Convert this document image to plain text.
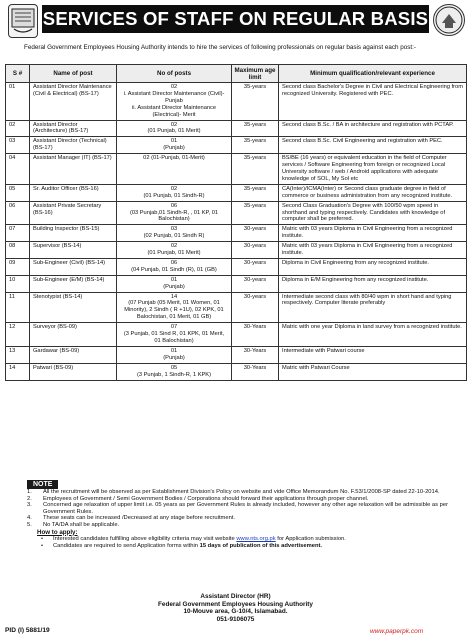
SERVICES OF STAFF ON REGULAR BASIS
Federal Government Employees Housing Authority intends to hire the services of following professionals on regular basis against each post:-
S #	Name of post	No of posts	Maximum age limit	Minimum qualification/relevant experience
01	Assistant Director Maintenance (Civil & Electrical) (BS-17)	02
i. Assistant Director Maintenance (Civil)- Punjab
ii. Assistant Director Maintenance (Electrical)- Merit	35-years	Second class Bachelor's Degree in Civil and Electrical Engineering from recognized University. Registered with PEC.
02	Assistant Director (Architecture) (BS-17)	02
(01 Punjab, 01 Merit)	35-years	Second class B.Sc. / BA in architecture and registration with PCTAP.
03	Assistant Director (Technical) (BS-17)	01
(Punjab)	35-years	Second class B.Sc. Civil Engineering and registration with PEC.
04	Assistant Manager (IT) (BS-17)	02 (01-Punjab, 01-Merit)	35-years	BS/BE (16 years) or equivalent education in the field of Computer services / Software Engineering from foreign or recognized Local University software / web / Android applications with adequate knowledge of SOL, My Sol etc
05	Sr. Auditor Officer (BS-16)	02
(01 Punjab, 01 Sindh-R)	35-years	CA(Inter)/ICMA(Inter) or Second class graduate degree in field of commerce or business administration from any recognized institute.
06	Assistant Private Secretary (BS-16)	06
(03 Punjab,01 Sindh-R, , 01 KP, 01 Balochistan)	35-years	Second Class Graduation's Degree with 100/50 wpm speed in shorthand and typing respectively. Candidates with knowledge of computer shall be preferred.
07	Building Inspector (BS-15)	03
(02 Punjab, 01 Sindh R)	30-years	Matric with 03 years Diploma in Civil Engineering from a recognized institute.
08	Supervisor (BS-14)	02
(01 Punjab, 01 Merit)	30-years	Matric with 03 years Diploma in Civil Engineering from a recognized institute.
09	Sub-Engineer (Civil) (BS-14)	06
(04 Punjab, 01 Sindh (R), 01 (GB)	30-years	Diploma in Civil Engineering from any recognized institute.
10	Sub-Engineer (E/M) (BS-14)	01
(Punjab)	30-years	Diploma in E/M Engineering from any recognized institute.
11	Stenotypist (BS-14)	14
(07 Punjab (05 Merit, 01 Women, 01 Minority), 2 Sindh ( R +1U), 02 KPK, 01 Balochistan, 01 Merit, 01 GB)	30-years	Intermediate second class with 80/40 wpm in short hand and typing respectively. Computer literate preferably
12	Surveyor (BS-09)	07
(3 Punjab, 01 Sind R, 01 KPK, 01 Merit, 01 Balochistan)	30-Years	Matric with one year Diploma in land survey from a recognized institute.
13	Gardawar (BS-09)	01
(Punjab)	30-Years	Intermediate with Patwari course
14	Patwari (BS-09)	05
(3 Punjab, 1 Sindh-R, 1 KPK)	30-Years	Matric with Patwari Course
NOTE
1.	All the recruitment will be observed as per Establishment Division's Policy on website and vide Office Memorandum No. F.53/1/2008-SP dated 22-10-2014.
2.	Employees of Government / Semi Government Bodies / Corporations should forward their applications through proper channel.
3.	Concerned age relaxation of upper limit i.e. 05 years as per Government Rules is already included, however any other age relaxation will be admissible as per Government Rules.
4.	These seats can be increased /Decreased at any stage before recruitment.
5.	No TA/DA shall be applicable.
How to apply:
•	Interested candidates fulfilling above eligibility criteria may visit website www.nts.org.pk for Application submission.
•	Candidates are required to send Application forms within 15 days of publication of this advertisement.
Assistant Director (HR)
Federal Government Employees Housing Authority
10-Mouve area, G-10/4, Islamabad.
051-9106075
PID (I) 5881/19	www.paperpk.com
